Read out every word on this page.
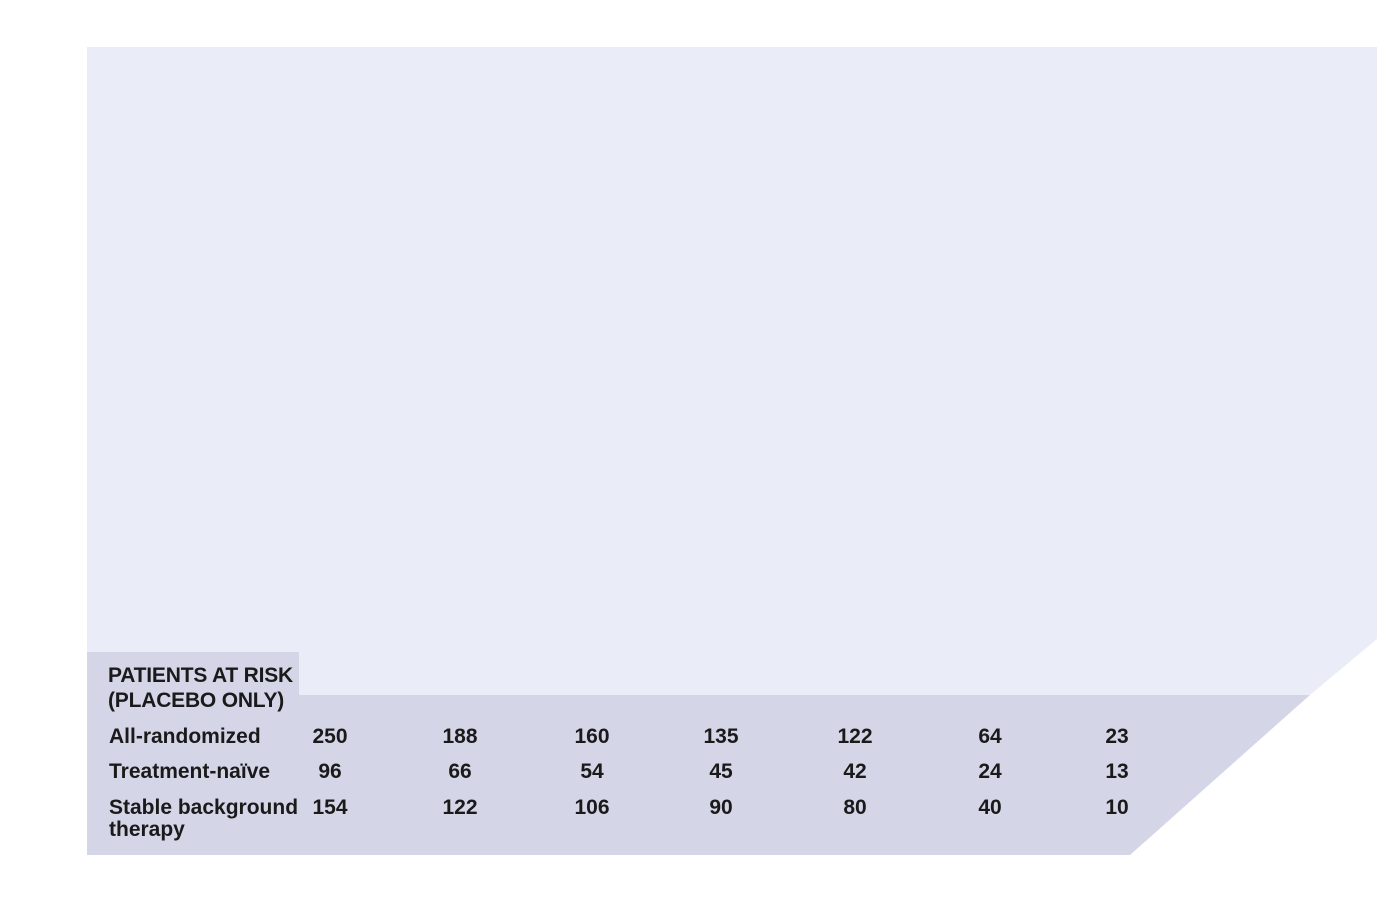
PATIENTS AT RISK
(PLACEBO ONLY)
All-randomized	250	188	160	135	122	64	23
Treatment-naïve	96	66	54	45	42	24	13
Stable background
therapy
154	122	106	90	80	40	10
